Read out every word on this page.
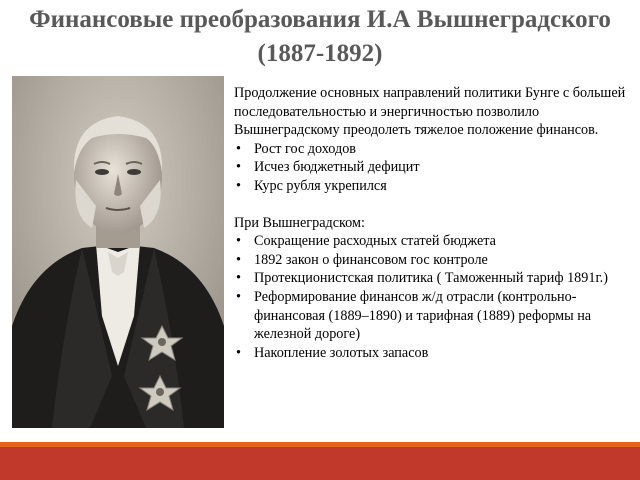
Финансовые преобразования И.А Вышнеградского
(1887-1892)

Продолжение основных направлений политики Бунге с большей последовательностью и энергичностью позволило Вышнеградскому преодолеть тяжелое положение финансов.

• Рост гос доходов
• Исчез бюджетный дефицит
• Курс рубля укрепился

При Вышнеградском:

• Сокращение расходных статей бюджета
• 1892 закон о финансовом гос контроле
• Протекционистская политика ( Таможенный тариф 1891г.)
• Реформирование финансов ж/д отрасли (контрольно-финансовая (1889–1890) и тарифная (1889) реформы на железной дороге)
• Накопление золотых запасов
